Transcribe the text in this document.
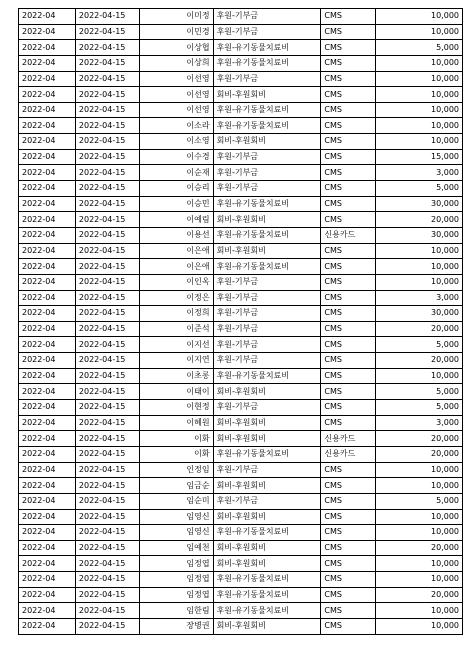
2022-04	2022-04-15	이미정	후원-기부금	CMS	10,000
2022-04	2022-04-15	이민경	후원-기부금	CMS	10,000
2022-04	2022-04-15	이상협	후원-유기동물치료비	CMS	5,000
2022-04	2022-04-15	이상희	후원-유기동물치료비	CMS	10,000
2022-04	2022-04-15	이선영	후원-기부금	CMS	10,000
2022-04	2022-04-15	이선영	회비-후원회비	CMS	10,000
2022-04	2022-04-15	이선영	후원-유기동물치료비	CMS	10,000
2022-04	2022-04-15	이소라	후원-유기동물치료비	CMS	10,000
2022-04	2022-04-15	이소영	회비-후원회비	CMS	10,000
2022-04	2022-04-15	이수경	후원-기부금	CMS	15,000
2022-04	2022-04-15	이순재	후원-기부금	CMS	3,000
2022-04	2022-04-15	이승리	후원-기부금	CMS	5,000
2022-04	2022-04-15	이승민	후원-유기동물치료비	CMS	30,000
2022-04	2022-04-15	이예림	회비-후원회비	CMS	20,000
2022-04	2022-04-15	이용선	후원-유기동물치료비	신용카드	30,000
2022-04	2022-04-15	이은애	회비-후원회비	CMS	10,000
2022-04	2022-04-15	이은애	후원-유기동물치료비	CMS	10,000
2022-04	2022-04-15	이인옥	후원-기부금	CMS	10,000
2022-04	2022-04-15	이정은	후원-기부금	CMS	3,000
2022-04	2022-04-15	이정희	후원-기부금	CMS	30,000
2022-04	2022-04-15	이준석	후원-기부금	CMS	20,000
2022-04	2022-04-15	이지선	후원-기부금	CMS	5,000
2022-04	2022-04-15	이지연	후원-기부금	CMS	20,000
2022-04	2022-04-15	이초롱	후원-유기동물치료비	CMS	10,000
2022-04	2022-04-15	이태이	회비-후원회비	CMS	5,000
2022-04	2022-04-15	이현정	후원-기부금	CMS	5,000
2022-04	2022-04-15	이혜원	회비-후원회비	CMS	3,000
2022-04	2022-04-15	이화	회비-후원회비	신용카드	20,000
2022-04	2022-04-15	이화	후원-유기동물치료비	신용카드	20,000
2022-04	2022-04-15	인정임	후원-기부금	CMS	10,000
2022-04	2022-04-15	임금순	회비-후원회비	CMS	10,000
2022-04	2022-04-15	임순미	후원-기부금	CMS	5,000
2022-04	2022-04-15	임영신	회비-후원회비	CMS	10,000
2022-04	2022-04-15	임영신	후원-유기동물치료비	CMS	10,000
2022-04	2022-04-15	임예천	회비-후원회비	CMS	20,000
2022-04	2022-04-15	임정엽	회비-후원회비	CMS	10,000
2022-04	2022-04-15	임정엽	후원-유기동물치료비	CMS	10,000
2022-04	2022-04-15	임정엽	후원-유기동물치료비	CMS	20,000
2022-04	2022-04-15	임한림	후원-유기동물치료비	CMS	10,000
2022-04	2022-04-15	장병권	회비-후원회비	CMS	10,000
